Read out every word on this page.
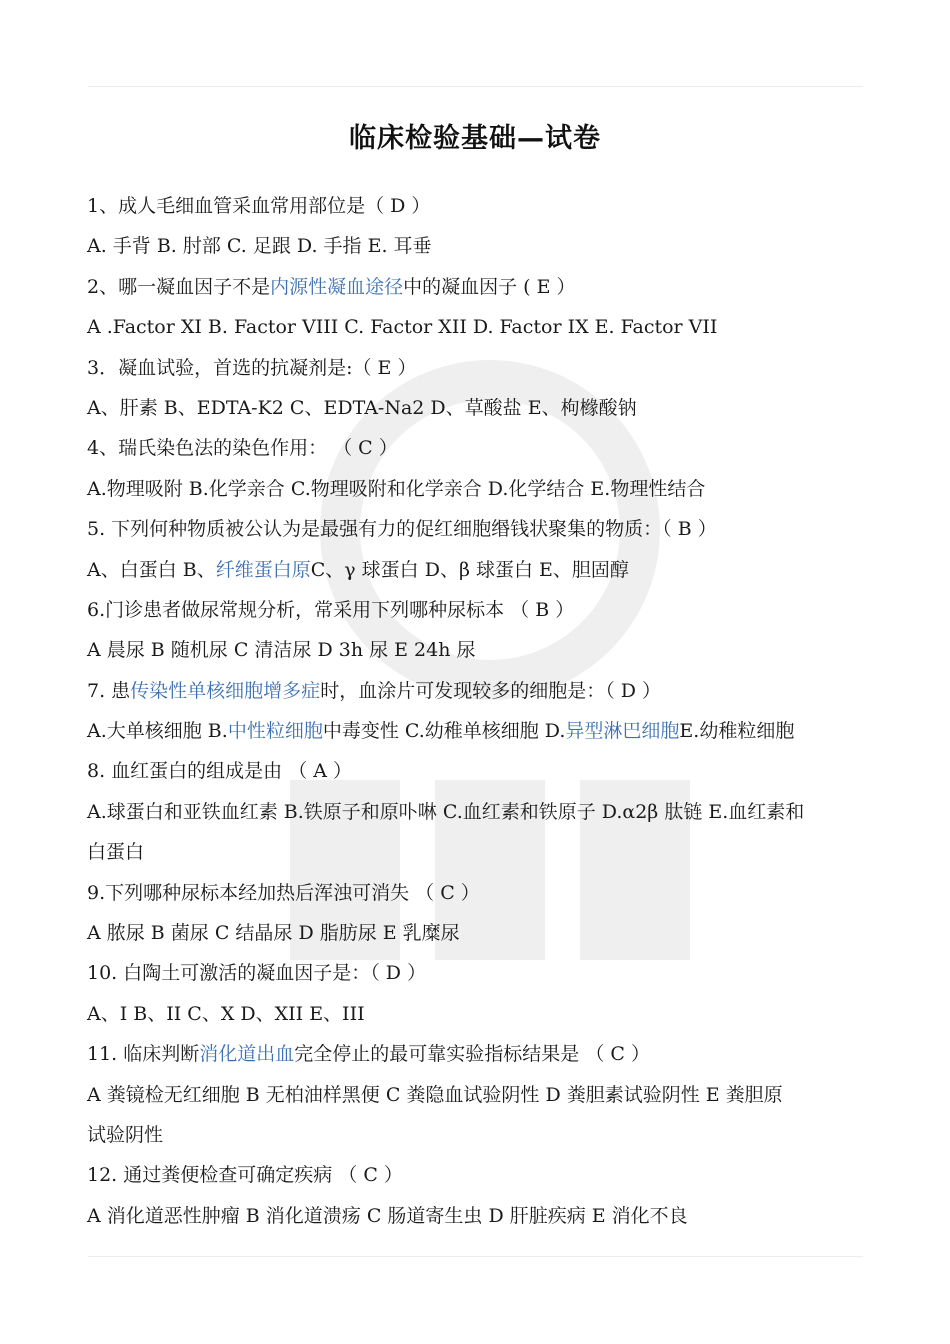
临床检验基础—试卷
1、成人毛细血管采血常用部位是（ D ）
A. 手背 B. 肘部 C. 足跟 D. 手指 E. 耳垂
2、哪一凝血因子不是内源性凝血途径中的凝血因子 ( E ）
A .Factor XI B. Factor VIII C. Factor XII D. Factor IX E. Factor VII
3．凝血试验，首选的抗凝剂是:（ E ）
A、肝素 B、EDTA-K2 C、EDTA-Na2 D、草酸盐 E、枸橼酸钠
4、瑞氏染色法的染色作用： （ C ）
A.物理吸附 B.化学亲合 C.物理吸附和化学亲合 D.化学结合 E.物理性结合
5. 下列何种物质被公认为是最强有力的促红细胞缗钱状聚集的物质：（ B ）
A、白蛋白 B、纤维蛋白原C、γ 球蛋白 D、β 球蛋白 E、胆固醇
6.门诊患者做尿常规分析，常采用下列哪种尿标本 （ B ）
A 晨尿 B 随机尿 C 清洁尿 D 3h 尿 E 24h 尿
7. 患传染性单核细胞增多症时，血涂片可发现较多的细胞是：（ D ）
A.大单核细胞 B.中性粒细胞中毒变性 C.幼稚单核细胞 D.异型淋巴细胞E.幼稚粒细胞
8. 血红蛋白的组成是由 （ A ）
A.球蛋白和亚铁血红素 B.铁原子和原卟啉 C.血红素和铁原子 D.α2β 肽链 E.血红素和
白蛋白
9.下列哪种尿标本经加热后浑浊可消失 （ C ）
A 脓尿 B 菌尿 C 结晶尿 D 脂肪尿 E 乳糜尿
10. 白陶土可激活的凝血因子是：（ D ）
A、I B、II C、X D、XII E、III
11. 临床判断消化道出血完全停止的最可靠实验指标结果是 （ C ）
A 粪镜检无红细胞 B 无柏油样黑便 C 粪隐血试验阴性 D 粪胆素试验阴性 E 粪胆原
试验阴性
12. 通过粪便检查可确定疾病 （ C ）
A 消化道恶性肿瘤 B 消化道溃疡 C 肠道寄生虫 D 肝脏疾病 E 消化不良
